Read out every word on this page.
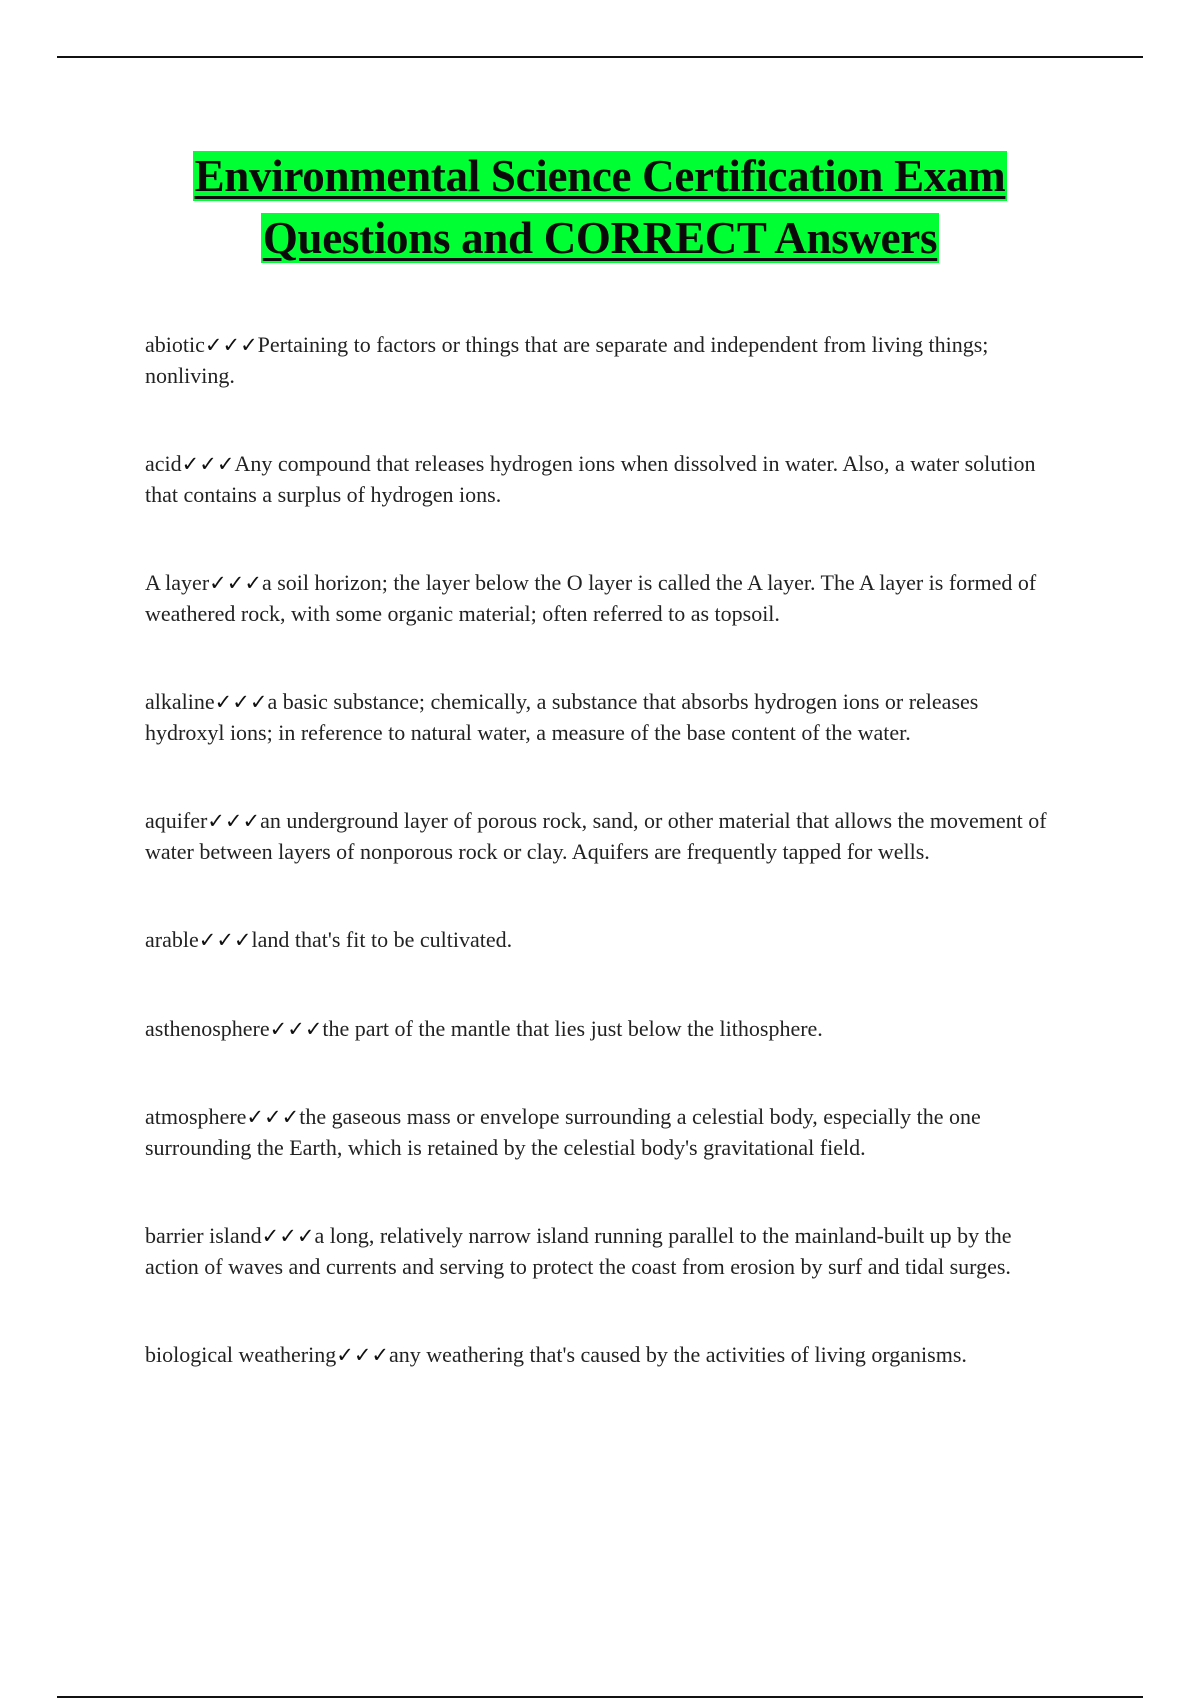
Environmental Science Certification Exam
Questions and CORRECT Answers
abiotic✓✓✓Pertaining to factors or things that are separate and independent from living things; nonliving.
acid✓✓✓Any compound that releases hydrogen ions when dissolved in water. Also, a water solution that contains a surplus of hydrogen ions.
A layer✓✓✓a soil horizon; the layer below the O layer is called the A layer. The A layer is formed of weathered rock, with some organic material; often referred to as topsoil.
alkaline✓✓✓a basic substance; chemically, a substance that absorbs hydrogen ions or releases hydroxyl ions; in reference to natural water, a measure of the base content of the water.
aquifer✓✓✓an underground layer of porous rock, sand, or other material that allows the movement of water between layers of nonporous rock or clay. Aquifers are frequently tapped for wells.
arable✓✓✓land that's fit to be cultivated.
asthenosphere✓✓✓the part of the mantle that lies just below the lithosphere.
atmosphere✓✓✓the gaseous mass or envelope surrounding a celestial body, especially the one surrounding the Earth, which is retained by the celestial body's gravitational field.
barrier island✓✓✓a long, relatively narrow island running parallel to the mainland-built up by the action of waves and currents and serving to protect the coast from erosion by surf and tidal surges.
biological weathering✓✓✓any weathering that's caused by the activities of living organisms.
